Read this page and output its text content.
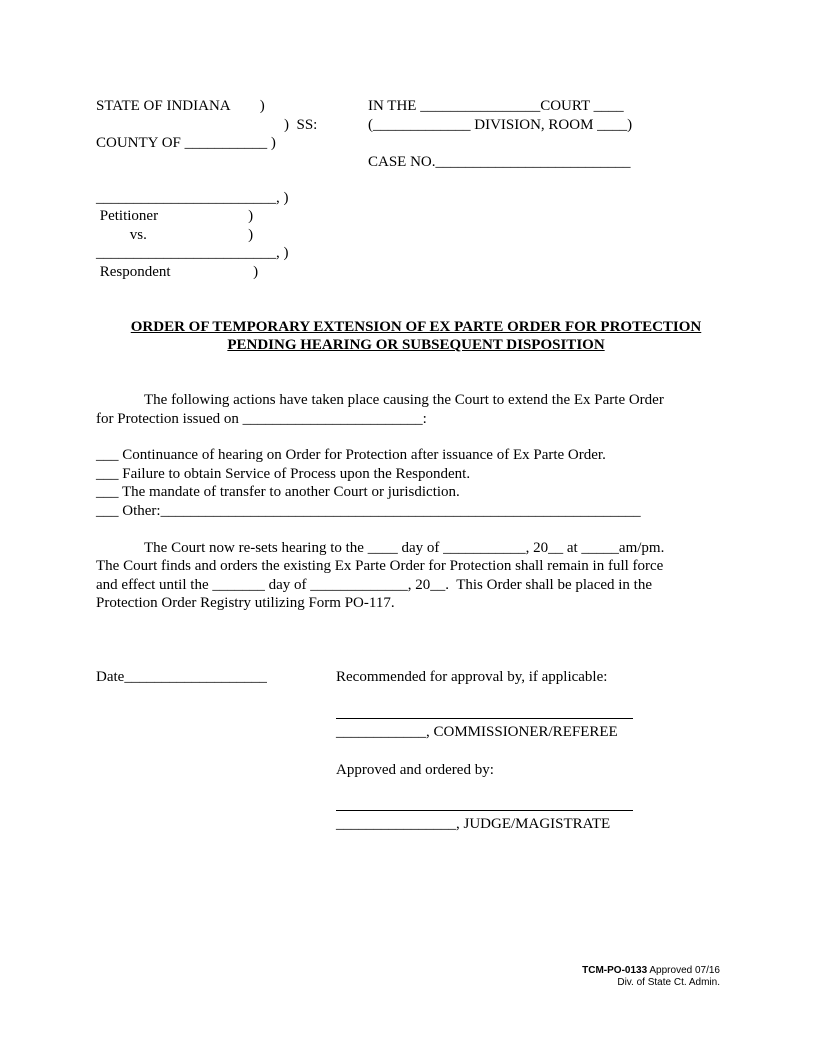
STATE OF INDIANA        )
)  SS:
COUNTY OF ___________ )
IN THE ________________COURT ____
(_____________ DIVISION, ROOM ____)
CASE NO.__________________________
________________________, )
Petitioner                        )
vs.                           )
________________________, )
Respondent                      )
ORDER OF TEMPORARY EXTENSION OF EX PARTE ORDER FOR PROTECTION
PENDING HEARING OR SUBSEQUENT DISPOSITION
The following actions have taken place causing the Court to extend the Ex Parte Order
for Protection issued on ________________________:
___ Continuance of hearing on Order for Protection after issuance of Ex Parte Order.
___ Failure to obtain Service of Process upon the Respondent.
___ The mandate of transfer to another Court or jurisdiction.
___ Other:________________________________________________________________
The Court now re-sets hearing to the ____ day of ___________, 20__ at _____am/pm.
The Court finds and orders the existing Ex Parte Order for Protection shall remain in full force
and effect until the _______ day of _____________, 20__.  This Order shall be placed in the
Protection Order Registry utilizing Form PO-117.
Date___________________	Recommended for approval by, if applicable:
____________, COMMISSIONER/REFEREE
Approved and ordered by:
________________, JUDGE/MAGISTRATE
TCM-PO-0133 Approved 07/16
Div. of State Ct. Admin.
